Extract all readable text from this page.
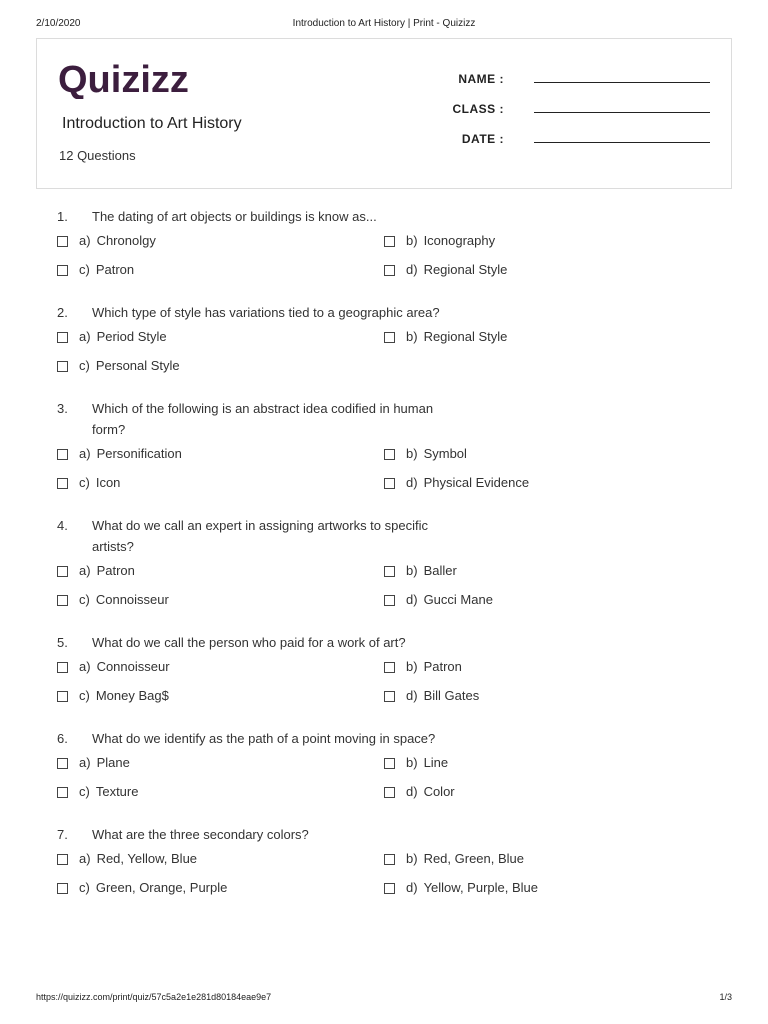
2/10/2020	Introduction to Art History | Print - Quizizz
Quizizz
Introduction to Art History
12 Questions
NAME :
CLASS :
DATE :
1. The dating of art objects or buildings is know as...
a) Chronolgy	b) Iconography
c) Patron	d) Regional Style
2. Which type of style has variations tied to a geographic area?
a) Period Style	b) Regional Style
c) Personal Style
3. Which of the following is an abstract idea codified in human form?
a) Personification	b) Symbol
c) Icon	d) Physical Evidence
4. What do we call an expert in assigning artworks to specific artists?
a) Patron	b) Baller
c) Connoisseur	d) Gucci Mane
5. What do we call the person who paid for a work of art?
a) Connoisseur	b) Patron
c) Money Bag$	d) Bill Gates
6. What do we identify as the path of a point moving in space?
a) Plane	b) Line
c) Texture	d) Color
7. What are the three secondary colors?
a) Red, Yellow, Blue	b) Red, Green, Blue
c) Green, Orange, Purple	d) Yellow, Purple, Blue
https://quizizz.com/print/quiz/57c5a2e1e281d80184eae9e7	1/3
